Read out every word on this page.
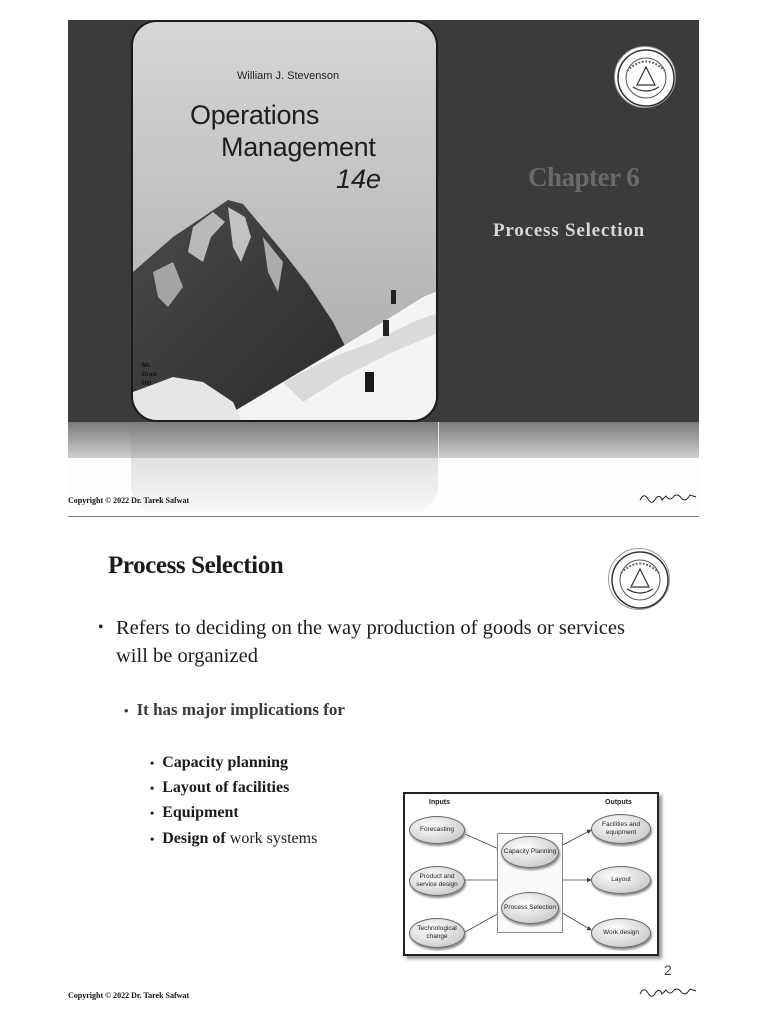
William J. Stevenson
Operations
Management
14e
Mc Graw Hill
Chapter 6
Process Selection
Copyright © 2022 Dr. Tarek Safwat
Process Selection
• Refers to deciding on the way production of goods or services will be organized
• It has major implications for
• Capacity planning
• Layout of facilities
• Equipment
• Design of work systems
Inputs	Outputs
Forecasting
Product and service design
Technological change
Capacity Planning
Process Selection
Facilities and equipment
Layout
Work design
2
Copyright © 2022 Dr. Tarek Safwat
